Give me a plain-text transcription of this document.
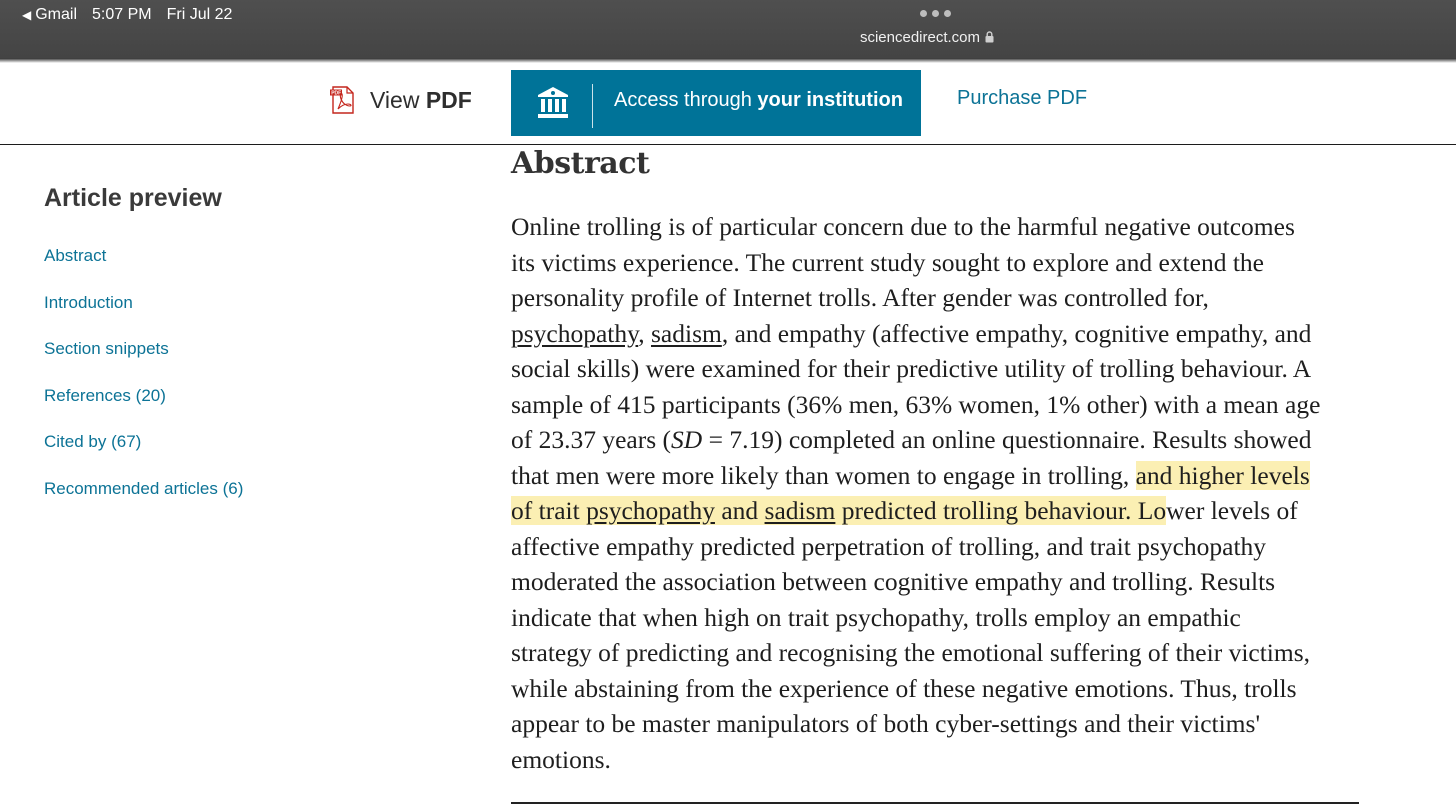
◀ Gmail 5:07 PM Fri Jul 22
sciencedirect.com
PDF View PDF	Access through your institution	Purchase PDF
Article preview
Abstract
Introduction
Section snippets
References (20)
Cited by (67)
Recommended articles (6)
Abstract
Online trolling is of particular concern due to the harmful negative outcomes
its victims experience. The current study sought to explore and extend the
personality profile of Internet trolls. After gender was controlled for,
psychopathy, sadism, and empathy (affective empathy, cognitive empathy, and
social skills) were examined for their predictive utility of trolling behaviour. A
sample of 415 participants (36% men, 63% women, 1% other) with a mean age
of 23.37 years (SD = 7.19) completed an online questionnaire. Results showed
that men were more likely than women to engage in trolling, and higher levels
of trait psychopathy and sadism predicted trolling behaviour. Lower levels of
affective empathy predicted perpetration of trolling, and trait psychopathy
moderated the association between cognitive empathy and trolling. Results
indicate that when high on trait psychopathy, trolls employ an empathic
strategy of predicting and recognising the emotional suffering of their victims,
while abstaining from the experience of these negative emotions. Thus, trolls
appear to be master manipulators of both cyber-settings and their victims'
emotions.
